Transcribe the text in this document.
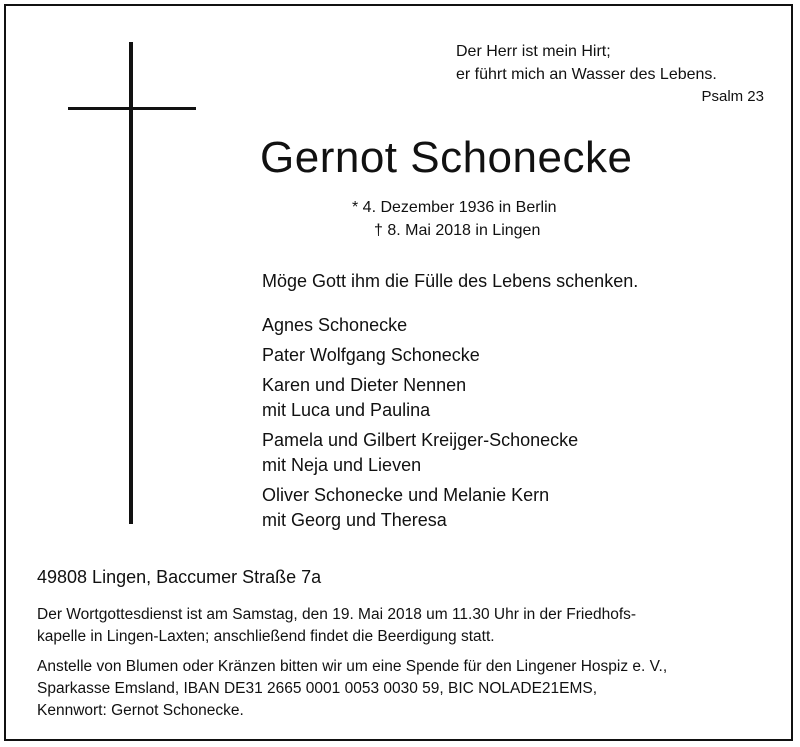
Der Herr ist mein Hirt;
er führt mich an Wasser des Lebens.
Psalm 23
Gernot Schonecke
* 4. Dezember 1936 in Berlin
† 8. Mai 2018 in Lingen
Möge Gott ihm die Fülle des Lebens schenken.
Agnes Schonecke
Pater Wolfgang Schonecke
Karen und Dieter Nennen
mit Luca und Paulina
Pamela und Gilbert Kreijger-Schonecke
mit Neja und Lieven
Oliver Schonecke und Melanie Kern
mit Georg und Theresa
49808 Lingen, Baccumer Straße 7a

Der Wortgottesdienst ist am Samstag, den 19. Mai 2018 um 11.30 Uhr in der Friedhofs-
kapelle in Lingen-Laxten; anschließend findet die Beerdigung statt.

Anstelle von Blumen oder Kränzen bitten wir um eine Spende für den Lingener Hospiz e. V.,
Sparkasse Emsland, IBAN DE31 2665 0001 0053 0030 59, BIC NOLADE21EMS,
Kennwort: Gernot Schonecke.
